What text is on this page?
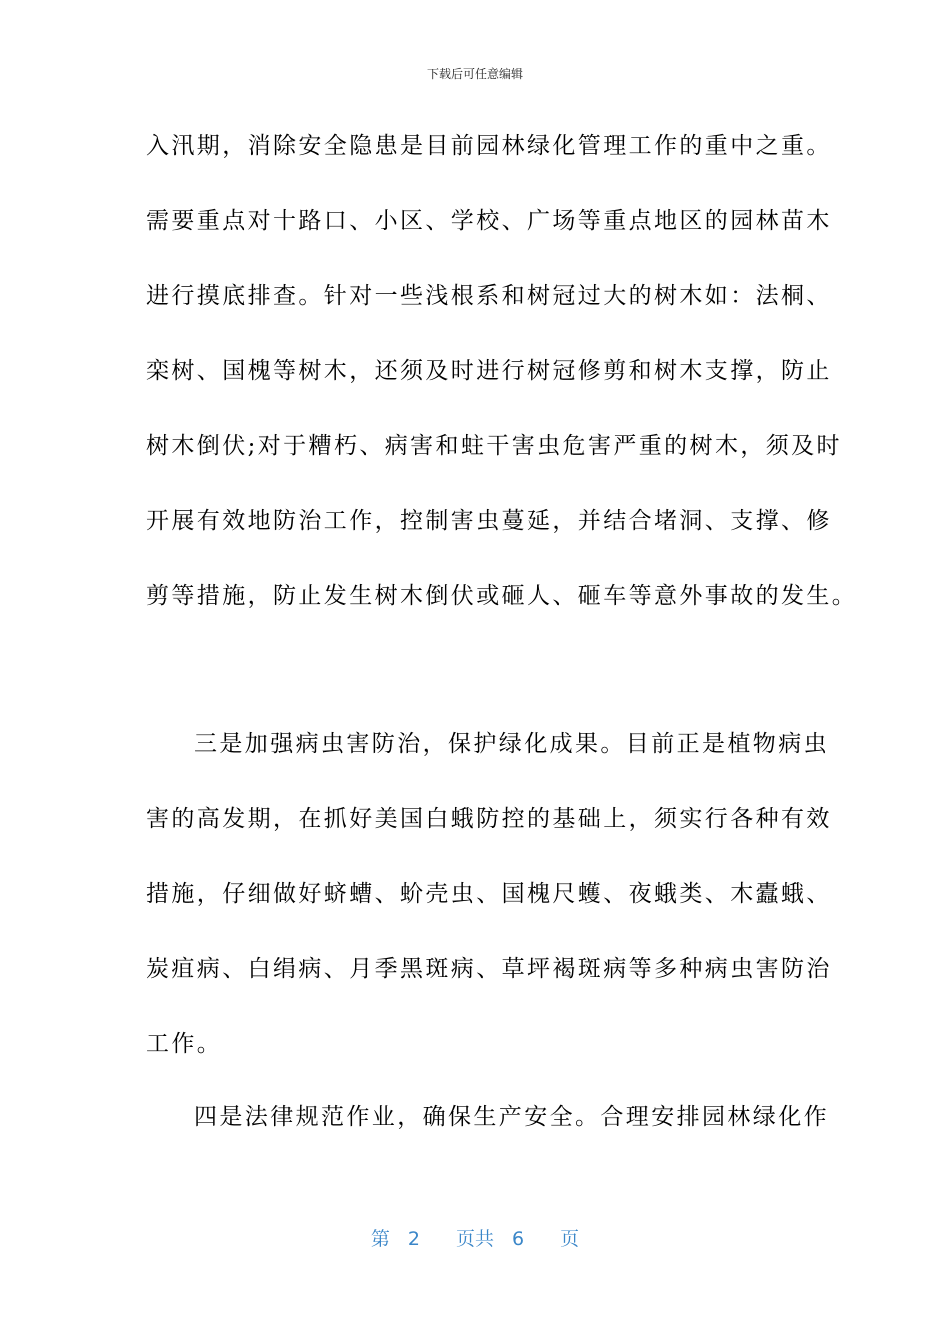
下载后可任意编辑
入汛期，消除安全隐患是目前园林绿化管理工作的重中之重。
需要重点对十路口、小区、学校、广场等重点地区的园林苗木
进行摸底排查。针对一些浅根系和树冠过大的树木如：法桐、
栾树、国槐等树木，还须及时进行树冠修剪和树木支撑，防止
树木倒伏;对于糟朽、病害和蛀干害虫危害严重的树木，须及时
开展有效地防治工作，控制害虫蔓延，并结合堵洞、支撑、修
剪等措施，防止发生树木倒伏或砸人、砸车等意外事故的发生。
三是加强病虫害防治，保护绿化成果。目前正是植物病虫
害的高发期，在抓好美国白蛾防控的基础上，须实行各种有效
措施，仔细做好蛴螬、蚧壳虫、国槐尺蠖、夜蛾类、木蠹蛾、
炭疽病、白绢病、月季黑斑病、草坪褐斑病等多种病虫害防治
工作。
四是法律规范作业，确保生产安全。合理安排园林绿化作
第 2 页共 6 页
